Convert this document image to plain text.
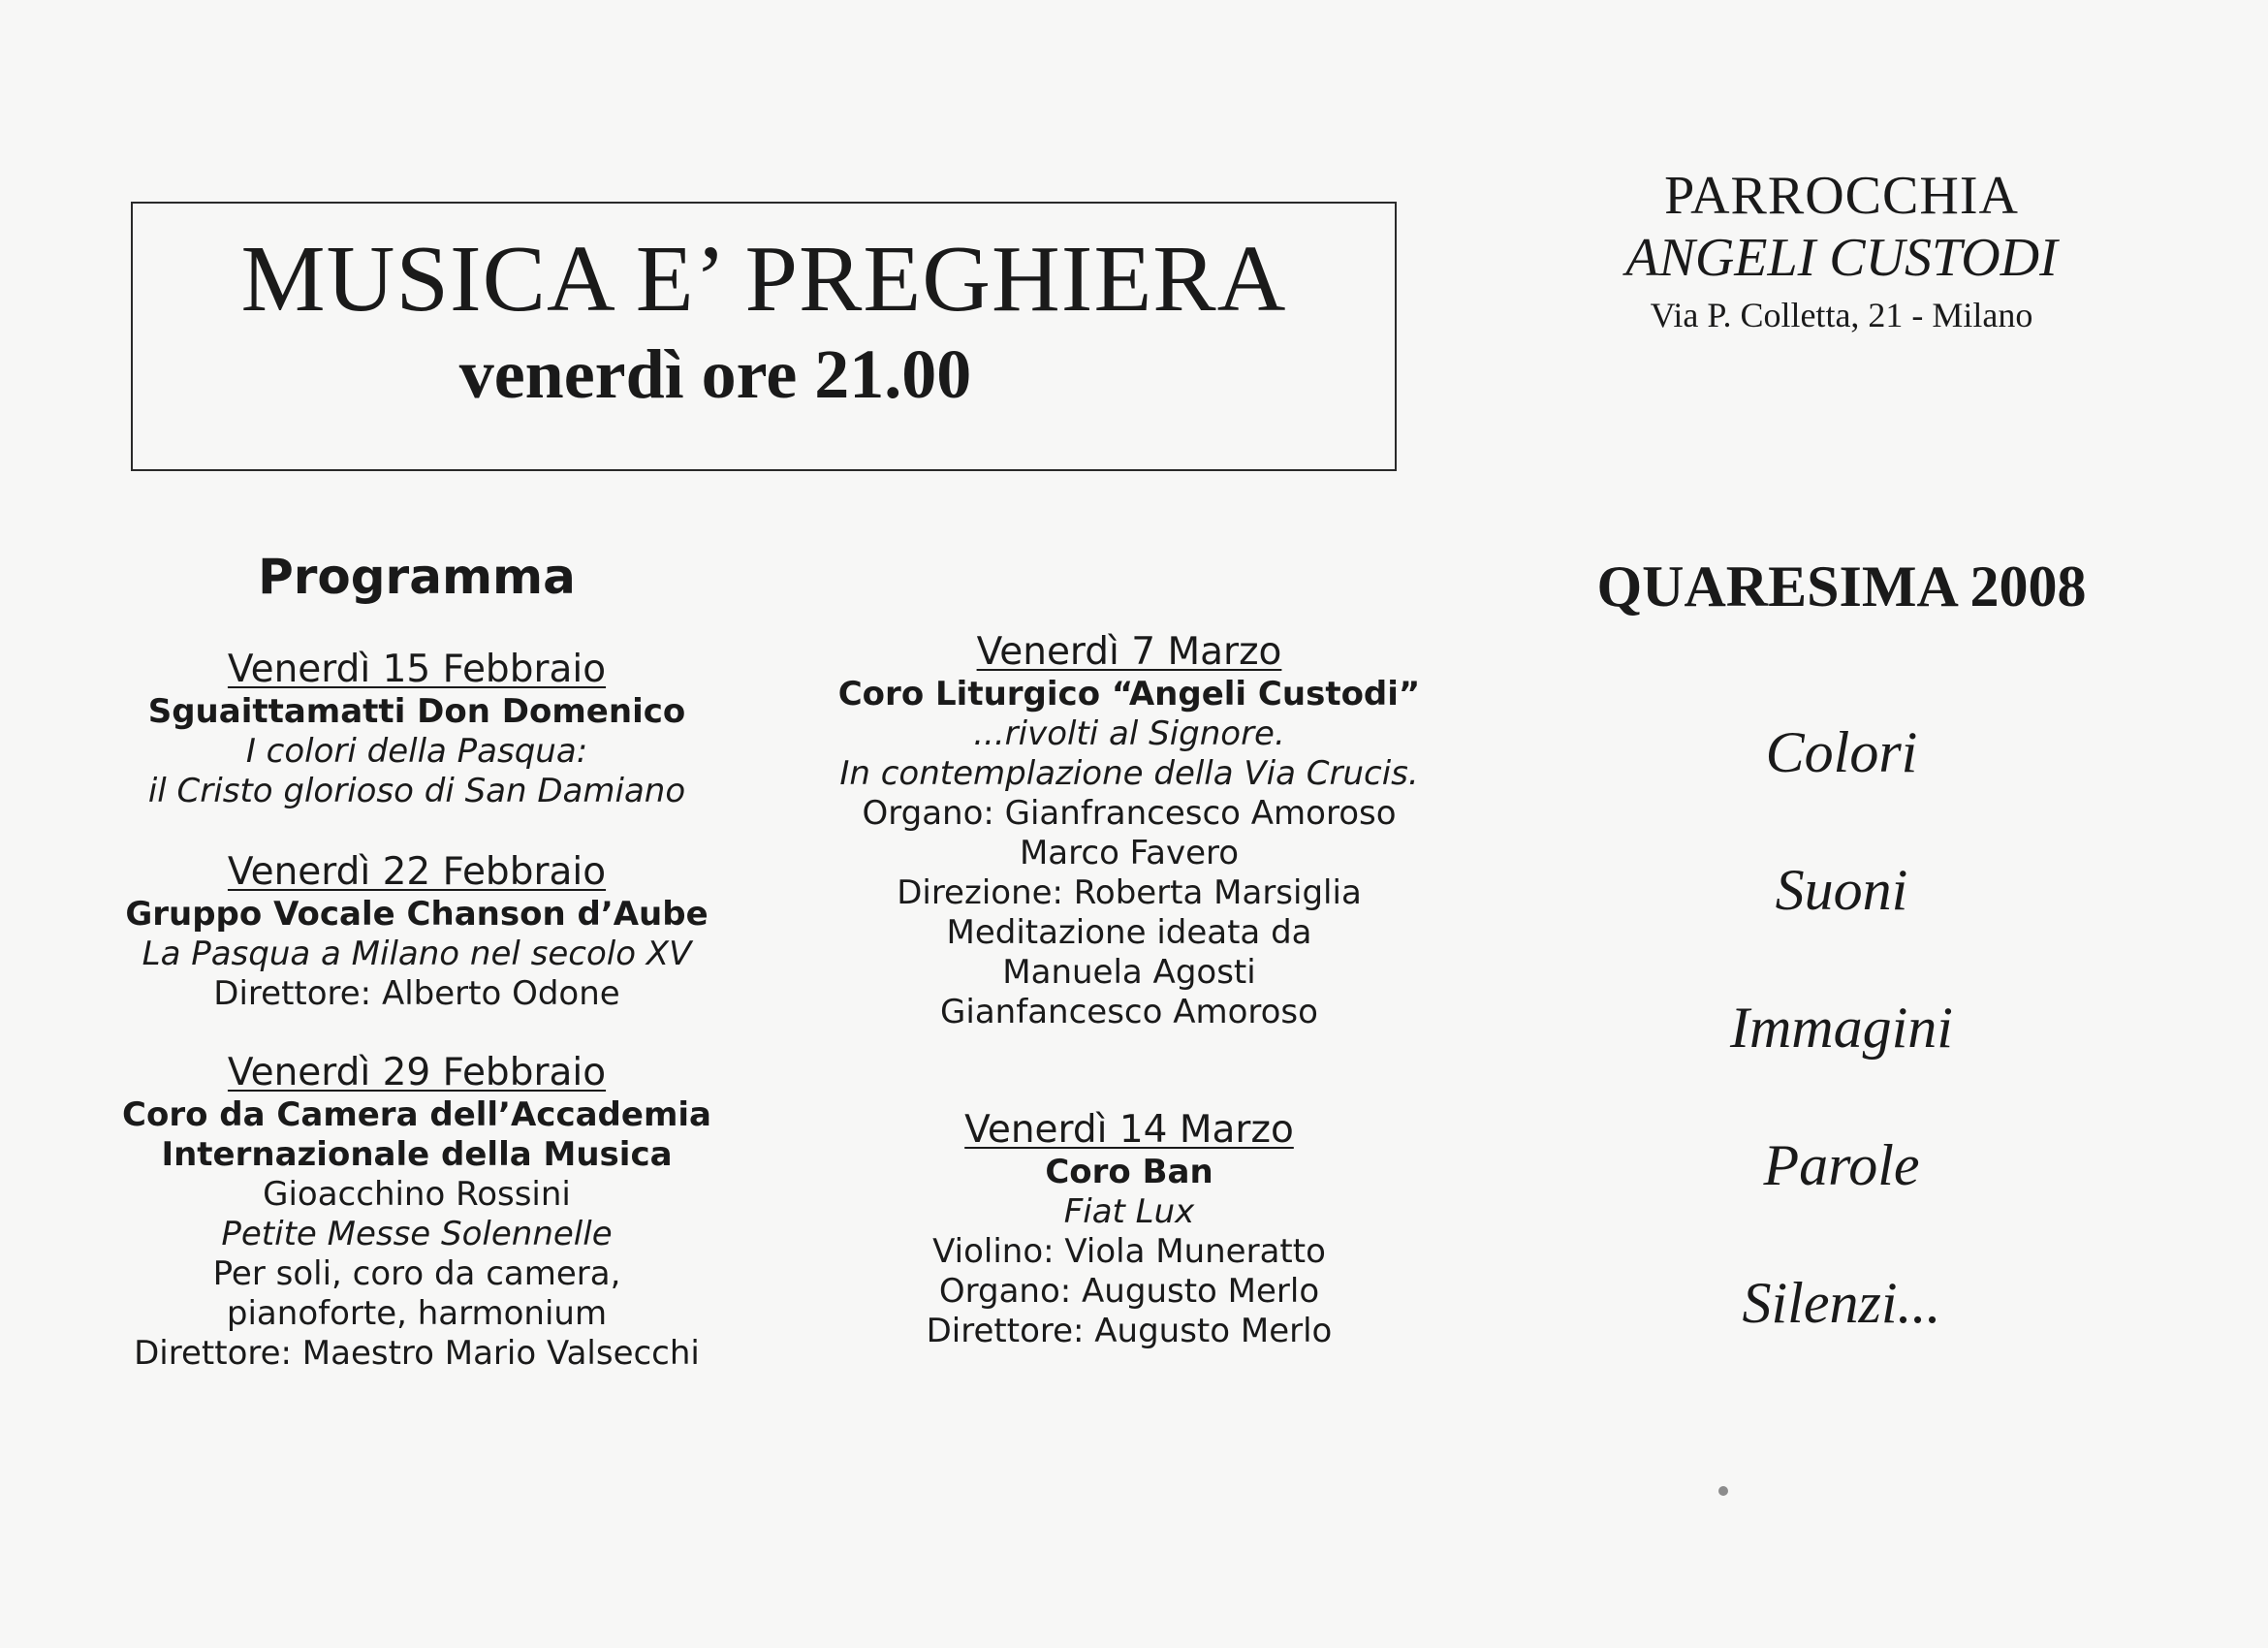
MUSICA E’ PREGHIERA
venerdì ore 21.00
PARROCCHIA
ANGELI CUSTODI
Via P. Colletta, 21 - Milano
Programma
Venerdì 15 Febbraio
Sguaittamatti Don Domenico
I colori della Pasqua:
il Cristo glorioso di San Damiano
Venerdì 22 Febbraio
Gruppo Vocale Chanson d’Aube
La Pasqua a Milano nel secolo XV
Direttore: Alberto Odone
Venerdì 29 Febbraio
Coro da Camera dell’Accademia
Internazionale della Musica
Gioacchino Rossini
Petite Messe Solennelle
Per soli, coro da camera,
pianoforte, harmonium
Direttore: Maestro Mario Valsecchi
Venerdì 7 Marzo
Coro Liturgico “Angeli Custodi”
...rivolti al Signore.
In contemplazione della Via Crucis.
Organo: Gianfrancesco Amoroso
Marco Favero
Direzione: Roberta Marsiglia
Meditazione ideata da
Manuela Agosti
Gianfancesco Amoroso
Venerdì 14 Marzo
Coro Ban
Fiat Lux
Violino: Viola Muneratto
Organo: Augusto Merlo
Direttore: Augusto Merlo
QUARESIMA 2008
Colori
Suoni
Immagini
Parole
Silenzi...
